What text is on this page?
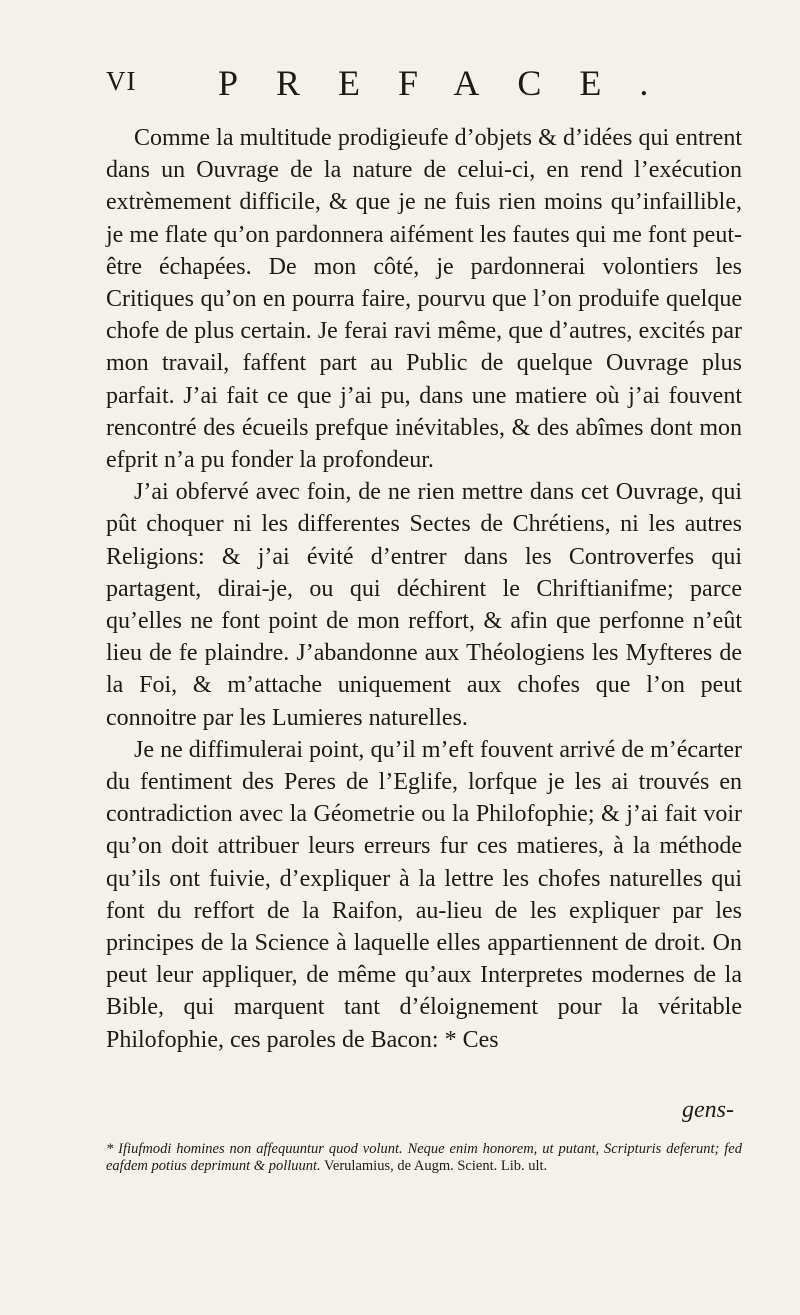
VI PREFACE.

Comme la multitude prodigieufe d’objets & d’idées qui entrent dans un Ouvrage de la nature de celui-ci, en rend l’exécution extrèmement difficile, & que je ne fuis rien moins qu’infaillible, je me flate qu’on pardonnera aifément les fautes qui me font peut-être échapées. De mon côté, je pardonnerai volontiers les Critiques qu’on en pourra faire, pourvu que l’on produife quelque chofe de plus certain. Je ferai ravi même, que d’autres, excités par mon travail, faffent part au Public de quelque Ouvrage plus parfait. J’ai fait ce que j’ai pu, dans une matiere où j’ai fouvent rencontré des écueils prefque inévitables, & des abîmes dont mon efprit n’a pu fonder la profondeur.

J’ai obfervé avec foin, de ne rien mettre dans cet Ouvrage, qui pût choquer ni les differentes Sectes de Chrétiens, ni les autres Religions: & j’ai évité d’entrer dans les Controverfes qui partagent, dirai-je, ou qui déchirent le Chriftianifme; parce qu’elles ne font point de mon reffort, & afin que perfonne n’eût lieu de fe plaindre. J’abandonne aux Théologiens les Myfteres de la Foi, & m’attache uniquement aux chofes que l’on peut connoitre par les Lumieres naturelles.

Je ne diffimulerai point, qu’il m’eft fouvent arrivé de m’écarter du fentiment des Peres de l’Eglife, lorfque je les ai trouvés en contradiction avec la Géometrie ou la Philofophie; & j’ai fait voir qu’on doit attribuer leurs erreurs fur ces matieres, à la méthode qu’ils ont fuivie, d’expliquer à la lettre les chofes naturelles qui font du reffort de la Raifon, au-lieu de les expliquer par les principes de la Science à laquelle elles appartiennent de droit. On peut leur appliquer, de même qu’aux Interpretes modernes de la Bible, qui marquent tant d’éloignement pour la véritable Philofophie, ces paroles de Bacon: * Ces

gens-
* Ifiufmodi homines non affequuntur quod volunt. Neque enim honorem, ut putant, Scripturis deferunt; fed eafdem potius deprimunt & polluunt. Verulamius, de Augm. Scient. Lib. ult.
